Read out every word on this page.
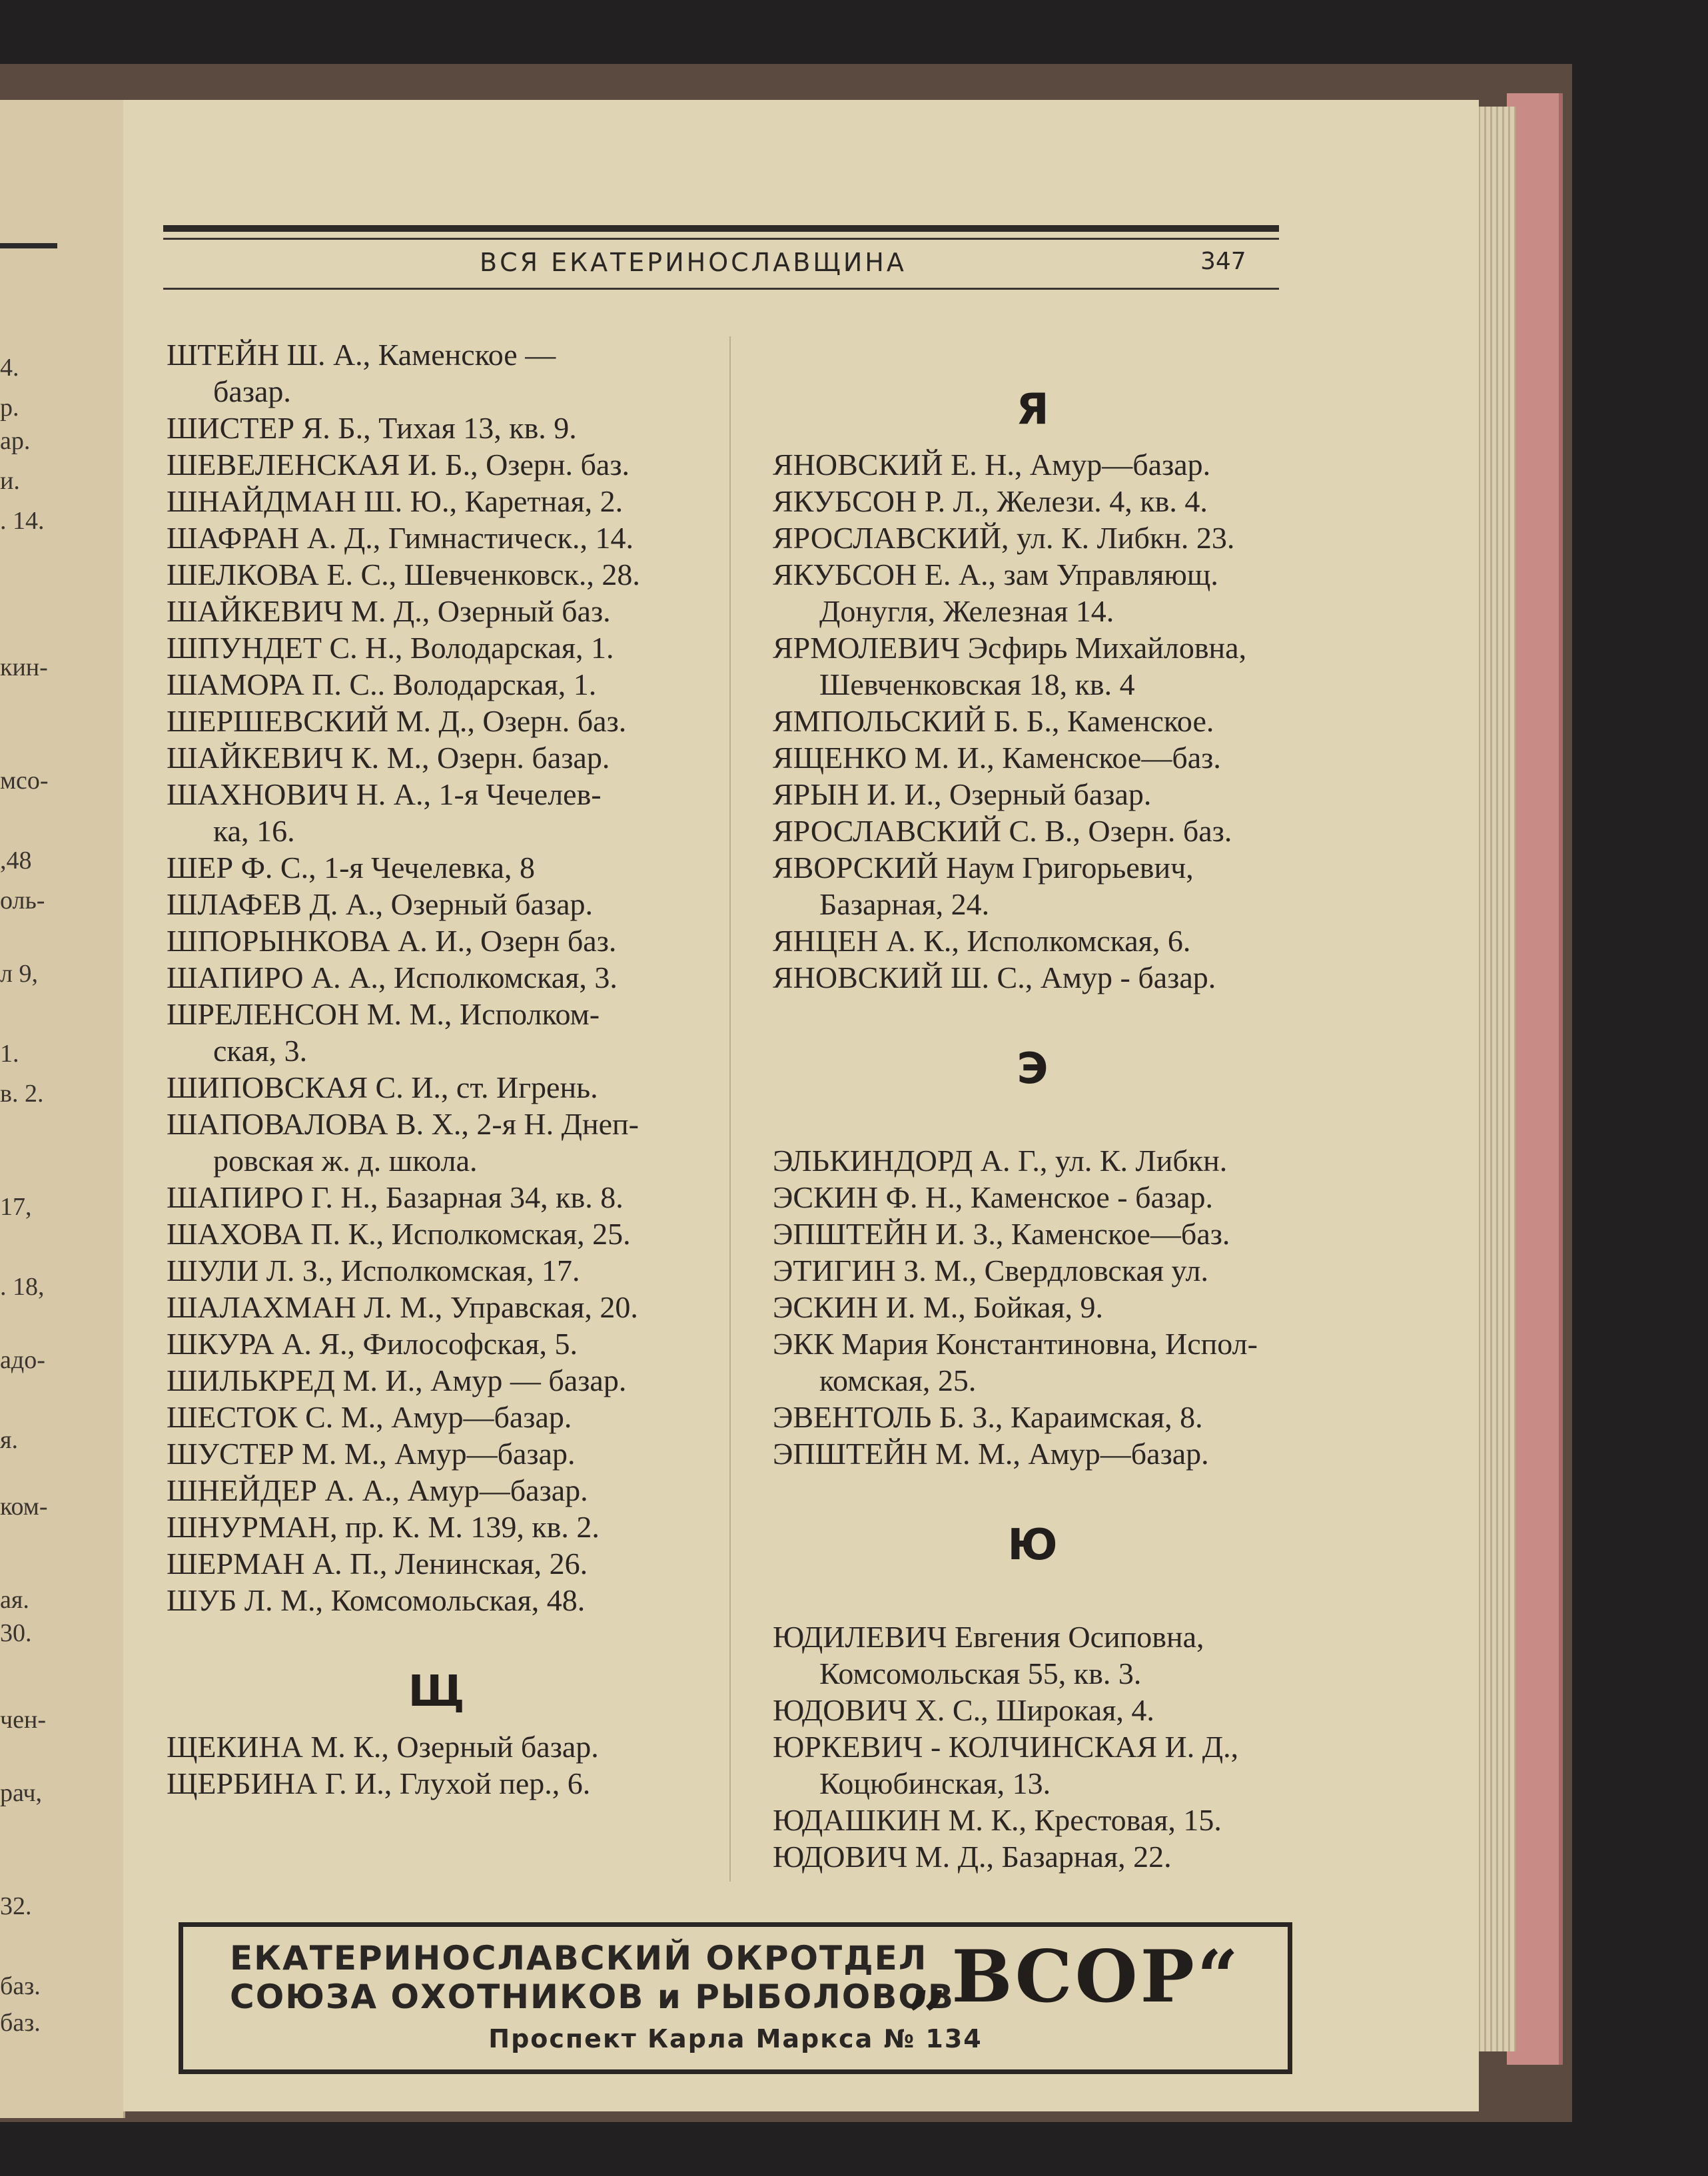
4.
р.
ар.
и.
. 14.
кин-
мсо-
,48
оль-
л 9,
1.
в. 2.
17,
. 18,
адо-
я.
ком-
ая.
30.
чен-
рач,
32.
баз.
баз.
ВСЯ ЕКАТЕРИНОСЛАВЩИНА	347
ШТЕЙН Ш. А., Каменское —
базар.
ШИСТЕР Я. Б., Тихая 13, кв. 9.
ШЕВЕЛЕНСКАЯ И. Б., Озерн. баз.
ШНАЙДМАН Ш. Ю., Каретная, 2.
ШАФРАН А. Д., Гимнастическ., 14.
ШЕЛКОВА Е. С., Шевченковск., 28.
ШАЙКЕВИЧ М. Д., Озерный баз.
ШПУНДЕТ С. Н., Володарская, 1.
ШАМОРА П. С.. Володарская, 1.
ШЕРШЕВСКИЙ М. Д., Озерн. баз.
ШАЙКЕВИЧ К. М., Озерн. базар.
ШАХНОВИЧ Н. А., 1-я Чечелев-
ка, 16.
ШЕР Ф. С., 1-я Чечелевка, 8
ШЛАФЕВ Д. А., Озерный базар.
ШПОРЫНКОВА А. И., Озерн баз.
ШАПИРО А. А., Исполкомская, 3.
ШРЕЛЕНСОН М. М., Исполком-
ская, 3.
ШИПОВСКАЯ С. И., ст. Игрень.
ШАПОВАЛОВА В. Х., 2-я Н. Днеп-
ровская ж. д. школа.
ШАПИРО Г. Н., Базарная 34, кв. 8.
ШАХОВА П. К., Исполкомская, 25.
ШУЛИ Л. З., Исполкомская, 17.
ШАЛАХМАН Л. М., Управская, 20.
ШКУРА А. Я., Философская, 5.
ШИЛЬКРЕД М. И., Амур — базар.
ШЕСТОК С. М., Амур—базар.
ШУСТЕР М. М., Амур—базар.
ШНЕЙДЕР А. А., Амур—базар.
ШНУРМАН, пр. К. М. 139, кв. 2.
ШЕРМАН А. П., Ленинская, 26.
ШУБ Л. М., Комсомольская, 48.
Щ
ЩЕКИНА М. К., Озерный базар.
ЩЕРБИНА Г. И., Глухой пер., 6.
Я
ЯНОВСКИЙ Е. Н., Амур—базар.
ЯКУБСОН Р. Л., Желези. 4, кв. 4.
ЯРОСЛАВСКИЙ, ул. К. Либкн. 23.
ЯКУБСОН Е. А., зам Управляющ.
Донугля, Железная 14.
ЯРМОЛЕВИЧ Эсфирь Михайловна,
Шевченковская 18, кв. 4
ЯМПОЛЬСКИЙ Б. Б., Каменское.
ЯЩЕНКО М. И., Каменское—баз.
ЯРЫН И. И., Озерный базар.
ЯРОСЛАВСКИЙ С. В., Озерн. баз.
ЯВОРСКИЙ Наум Григорьевич,
Базарная, 24.
ЯНЦЕН А. К., Исполкомская, 6.
ЯНОВСКИЙ Ш. С., Амур - базар.
Э
ЭЛЬКИНДОРД А. Г., ул. К. Либкн.
ЭСКИН Ф. Н., Каменское - базар.
ЭПШТЕЙН И. З., Каменское—баз.
ЭТИГИН З. М., Свердловская ул.
ЭСКИН И. М., Бойкая, 9.
ЭКК Мария Константиновна, Испол-
комская, 25.
ЭВЕНТОЛЬ Б. З., Караимская, 8.
ЭПШТЕЙН М. М., Амур—базар.
Ю
ЮДИЛЕВИЧ Евгения Осиповна,
Комсомольская 55, кв. 3.
ЮДОВИЧ Х. С., Широкая, 4.
ЮРКЕВИЧ - КОЛЧИНСКАЯ И. Д.,
Коцюбинская, 13.
ЮДАШКИН М. К., Крестовая, 15.
ЮДОВИЧ М. Д., Базарная, 22.
ЕКАТЕРИНОСЛАВСКИЙ ОКРОТДЕЛ
СОЮЗА ОХОТНИКОВ и РЫБОЛОВОВ
„ВСОР“
Проспект Карла Маркса № 134
